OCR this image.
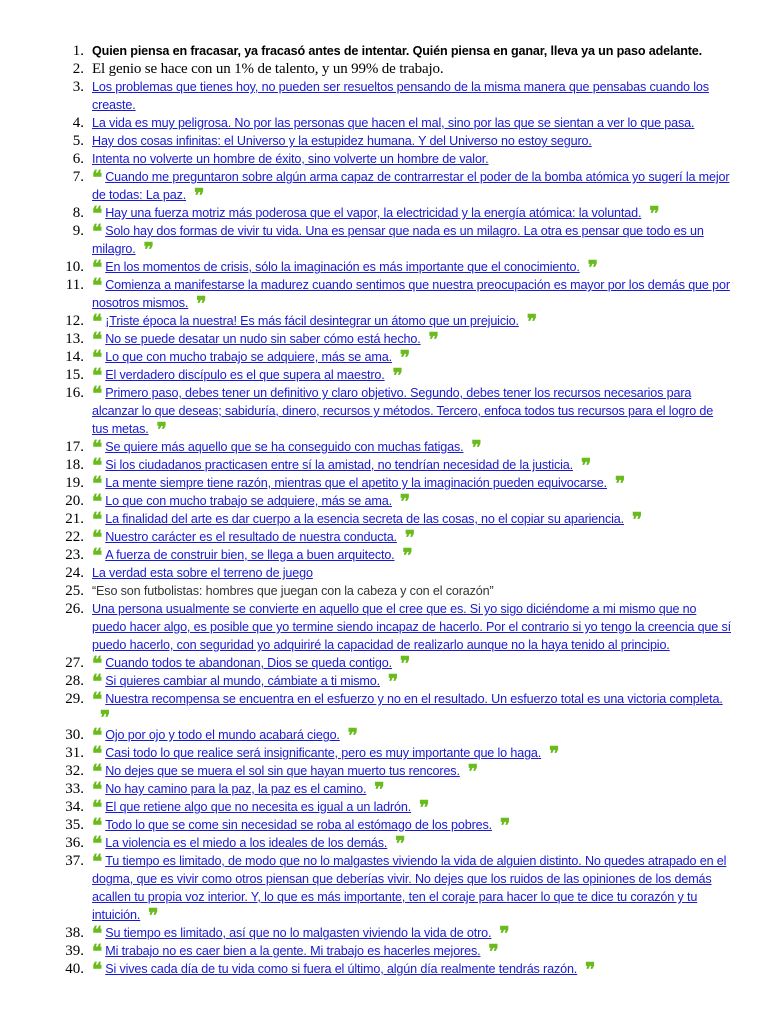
1. Quien piensa en fracasar, ya fracasó antes de intentar. Quién piensa en ganar, lleva ya un paso adelante.
2. El genio se hace con un 1% de talento, y un 99% de trabajo.
3. Los problemas que tienes hoy, no pueden ser resueltos pensando de la misma manera que pensabas cuando los creaste.
4. La vida es muy peligrosa. No por las personas que hacen el mal, sino por las que se sientan a ver lo que pasa.
5. Hay dos cosas infinitas: el Universo y la estupidez humana. Y del Universo no estoy seguro.
6. Intenta no volverte un hombre de éxito, sino volverte un hombre de valor.
7. ❝ Cuando me preguntaron sobre algún arma capaz de contrarrestar el poder de la bomba atómica yo sugerí la mejor de todas: La paz. ❞
8. ❝ Hay una fuerza motriz más poderosa que el vapor, la electricidad y la energía atómica: la voluntad. ❞
9. ❝ Solo hay dos formas de vivir tu vida. Una es pensar que nada es un milagro. La otra es pensar que todo es un milagro. ❞
10. ❝ En los momentos de crisis, sólo la imaginación es más importante que el conocimiento. ❞
11. ❝ Comienza a manifestarse la madurez cuando sentimos que nuestra preocupación es mayor por los demás que por nosotros mismos. ❞
12. ❝ ¡Triste época la nuestra! Es más fácil desintegrar un átomo que un prejuicio. ❞
13. ❝ No se puede desatar un nudo sin saber cómo está hecho. ❞
14. ❝ Lo que con mucho trabajo se adquiere, más se ama. ❞
15. ❝ El verdadero discípulo es el que supera al maestro. ❞
16. ❝ Primero paso, debes tener un definitivo y claro objetivo. Segundo, debes tener los recursos necesarios para alcanzar lo que deseas; sabiduría, dinero, recursos y métodos. Tercero, enfoca todos tus recursos para el logro de tus metas. ❞
17. ❝ Se quiere más aquello que se ha conseguido con muchas fatigas. ❞
18. ❝ Si los ciudadanos practicasen entre sí la amistad, no tendrían necesidad de la justicia. ❞
19. ❝ La mente siempre tiene razón, mientras que el apetito y la imaginación pueden equivocarse. ❞
20. ❝ Lo que con mucho trabajo se adquiere, más se ama. ❞
21. ❝ La finalidad del arte es dar cuerpo a la esencia secreta de las cosas, no el copiar su apariencia. ❞
22. ❝ Nuestro carácter es el resultado de nuestra conducta. ❞
23. ❝ A fuerza de construir bien, se llega a buen arquitecto. ❞
24. La verdad esta sobre el terreno de juego
25. “Eso son futbolistas: hombres que juegan con la cabeza y con el corazón”
26. Una persona usualmente se convierte en aquello que el cree que es. Si yo sigo diciéndome a mi mismo que no puedo hacer algo, es posible que yo termine siendo incapaz de hacerlo. Por el contrario si yo tengo la creencia que sí puedo hacerlo, con seguridad yo adquiriré la capacidad de realizarlo aunque no la haya tenido al principio.
27. ❝ Cuando todos te abandonan, Dios se queda contigo. ❞
28. ❝ Si quieres cambiar al mundo, cámbiate a ti mismo. ❞
29. ❝ Nuestra recompensa se encuentra en el esfuerzo y no en el resultado. Un esfuerzo total es una victoria completa.❞
30. ❝ Ojo por ojo y todo el mundo acabará ciego. ❞
31. ❝ Casi todo lo que realice será insignificante, pero es muy importante que lo haga. ❞
32. ❝ No dejes que se muera el sol sin que hayan muerto tus rencores. ❞
33. ❝ No hay camino para la paz, la paz es el camino. ❞
34. ❝ El que retiene algo que no necesita es igual a un ladrón. ❞
35. ❝ Todo lo que se come sin necesidad se roba al estómago de los pobres. ❞
36. ❝ La violencia es el miedo a los ideales de los demás. ❞
37. ❝ Tu tiempo es limitado, de modo que no lo malgastes viviendo la vida de alguien distinto. No quedes atrapado en el dogma, que es vivir como otros piensan que deberías vivir. No dejes que los ruidos de las opiniones de los demás acallen tu propia voz interior. Y, lo que es más importante, ten el coraje para hacer lo que te dice tu corazón y tu intuición. ❞
38. ❝ Su tiempo es limitado, así que no lo malgasten viviendo la vida de otro. ❞
39. ❝ Mi trabajo no es caer bien a la gente. Mi trabajo es hacerles mejores. ❞
40. ❝ Si vives cada día de tu vida como si fuera el último, algún día realmente tendrás razón. ❞
